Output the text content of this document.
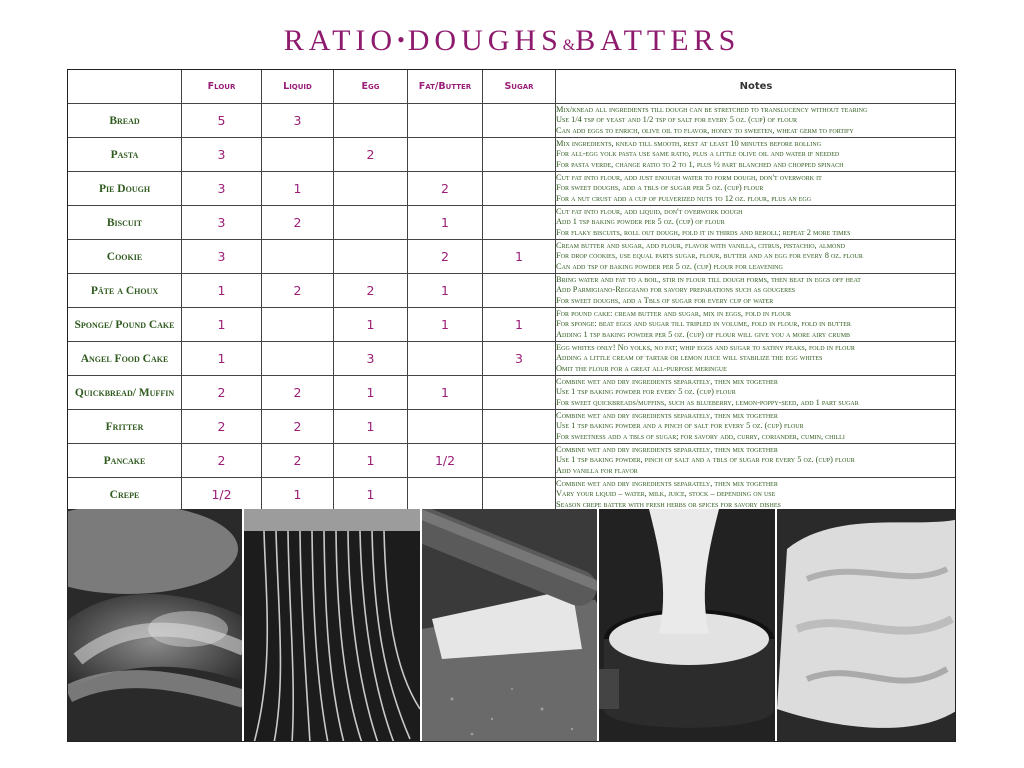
RATIO•DOUGHS&BATTERS
	Flour	Liquid	Egg	Fat/Butter	Sugar	Notes
Bread	5	3				Mix/knead all ingredients till dough can be stretched to translucency without tearing
Use 1/4 tsp of yeast and 1/2 tsp of salt for every 5 oz. (cup) of flour
Can add eggs to enrich, olive oil to flavor, honey to sweeten, wheat germ to fortify

Pasta	3		2			Mix ingredients, knead till smooth, rest at least 10 minutes before rolling
For all-egg yolk pasta use same ratio, plus a little olive oil and water if needed
For pasta verde, change ratio to 2 to 1, plus ½ part blanched and chopped spinach

Pie Dough	3	1		2		Cut fat into flour, add just enough water to form dough, don't overwork it
For sweet doughs, add a tbls of sugar per 5 oz. (cup) flour
For a nut crust add a cup of pulverized nuts to 12 oz. flour, plus an egg

Biscuit	3	2		1		Cut fat into flour, add liquid, don't overwork dough
Add 1 tsp baking powder per 5 oz. (cup) of flour
For flaky biscuits, roll out dough, fold it in thirds and reroll; repeat 2 more times

Cookie	3			2	1	Cream butter and sugar, add flour, flavor with vanilla, citrus, pistachio, almond
For drop cookies, use equal parts sugar, flour, butter and an egg for every 8 oz. flour
Can add tsp of baking powder per 5 oz. (cup) flour for leavening

Pâte a Choux	1	2	2	1		Bring water and fat to a boil, stir in flour till dough forms, then beat in eggs off heat
Add Parmigiano-Reggiano for savory preparations such as gougeres
For sweet doughs, add a Tbls of sugar for every cup of water

Sponge/ Pound Cake	1		1	1	1	For pound cake: cream butter and sugar, mix in eggs, fold in flour
For sponge: beat eggs and sugar till tripled in volume, fold in flour, fold in butter
Adding 1 tsp baking powder per 5 oz. (cup) of flour will give you a more airy crumb

Angel Food Cake	1		3		3	Egg whites only! No yolks, no fat; whip eggs and sugar to satiny peaks, fold in flour
Adding a little cream of tartar or lemon juice will stabilize the egg whites
Omit the flour for a great all-purpose meringue

Quickbread/ Muffin	2	2	1	1		Combine wet and dry ingredients separately, then mix together
Use 1 tsp baking powder for every 5 oz. (cup) flour
For sweet quickbreads/muffins, such as blueberry, lemon-poppy-seed, add 1 part sugar

Fritter	2	2	1			Combine wet and dry ingredients separately, then mix together
Use 1 tsp baking powder and a pinch of salt for every 5 oz. (cup) flour
For sweetness add a tbls of sugar; for savory add, curry, coriander, cumin, chilli

Pancake	2	2	1	1/2		Combine wet and dry ingredients separately, then mix together
Use 1 tsp baking powder, pinch of salt and a tbls of sugar for every 5 oz. (cup) flour
Add vanilla for flavor

Crepe	1/2	1	1			Combine wet and dry ingredients separately, then mix together
Vary your liquid – water, milk, juice, stock – depending on use
Season crepe batter with fresh herbs or spices for savory dishes
